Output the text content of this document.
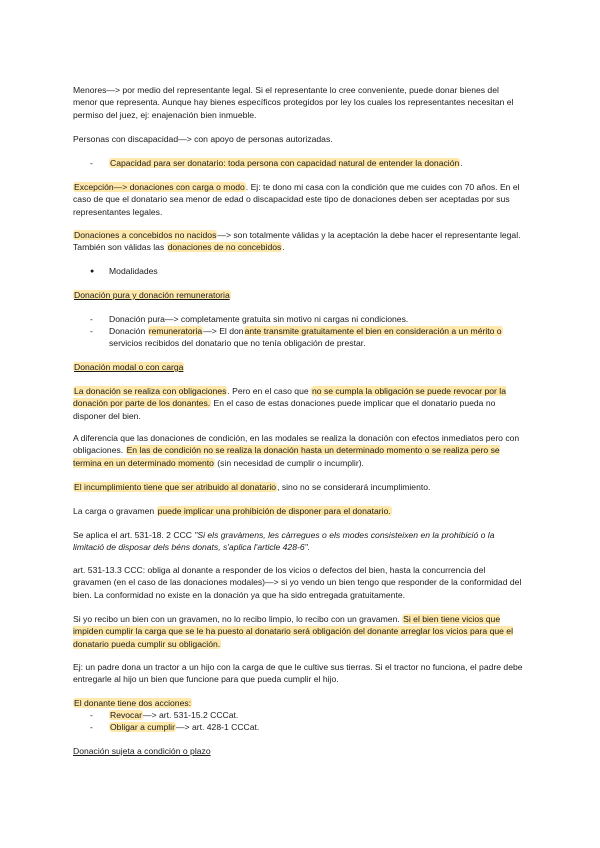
Menores—> por medio del representante legal. Si el representante lo cree conveniente, puede donar bienes del menor que representa. Aunque hay bienes específicos protegidos por ley los cuales los representantes necesitan el permiso del juez, ej: enajenación bien inmueble.

Personas con discapacidad—> con apoyo de personas autorizadas.

-	Capacidad para ser donatario: toda persona con capacidad natural de entender la donación.

Excepción—> donaciones con carga o modo. Ej: te dono mi casa con la condición que me cuides con 70 años. En el caso de que el donatario sea menor de edad o discapacidad este tipo de donaciones deben ser aceptadas por sus representantes legales.

Donaciones a concebidos no nacidos—> son totalmente válidas y la aceptación la debe hacer el representante legal. También son válidas las donaciones de no concebidos.

● Modalidades

Donación pura y donación remuneratoria

-	Donación pura—> completamente gratuita sin motivo ni cargas ni condiciones.

-	Donación remuneratoria—> El donante transmite gratuitamente el bien en consideración a un mérito o
servicios recibidos del donatario que no tenía obligación de prestar.

Donación modal o con carga

La donación se realiza con obligaciones. Pero en el caso que no se cumpla la obligación se puede revocar por la donación por parte de los donantes. En el caso de estas donaciones puede implicar que el donatario pueda no disponer del bien.

A diferencia que las donaciones de condición, en las modales se realiza la donación con efectos inmediatos pero con obligaciones. En las de condición no se realiza la donación hasta un determinado momento o se realiza pero se termina en un determinado momento (sin necesidad de cumplir o incumplir).

El incumplimiento tiene que ser atribuido al donatario, sino no se considerará incumplimiento.

La carga o gravamen puede implicar una prohibición de disponer para el donatario.

Se aplica el art. 531-18. 2 CCC "Si els gravàmens, les càrregues o els modes consisteixen en la prohibició o la limitació de disposar dels béns donats, s'aplica l'article 428-6".

art. 531-13.3 CCC: obliga al donante a responder de los vicios o defectos del bien, hasta la concurrencia del gravamen (en el caso de las donaciones modales)—> si yo vendo un bien tengo que responder de la conformidad del bien. La conformidad no existe en la donación ya que ha sido entregada gratuitamente.

Si yo recibo un bien con un gravamen, no lo recibo limpio, lo recibo con un gravamen. Si el bien tiene vicios que impiden cumplir la carga que se le ha puesto al donatario será obligación del donante arreglar los vicios para que el donatario pueda cumplir su obligación.

Ej: un padre dona un tractor a un hijo con la carga de que le cultive sus tierras. Si el tractor no funciona, el padre debe entregarle al hijo un bien que funcione para que pueda cumplir el hijo.

El donante tiene dos acciones:

-	Revocar—> art. 531-15.2 CCCat.

-	Obligar a cumplir—> art. 428-1 CCCat.

Donación sujeta a condición o plazo
